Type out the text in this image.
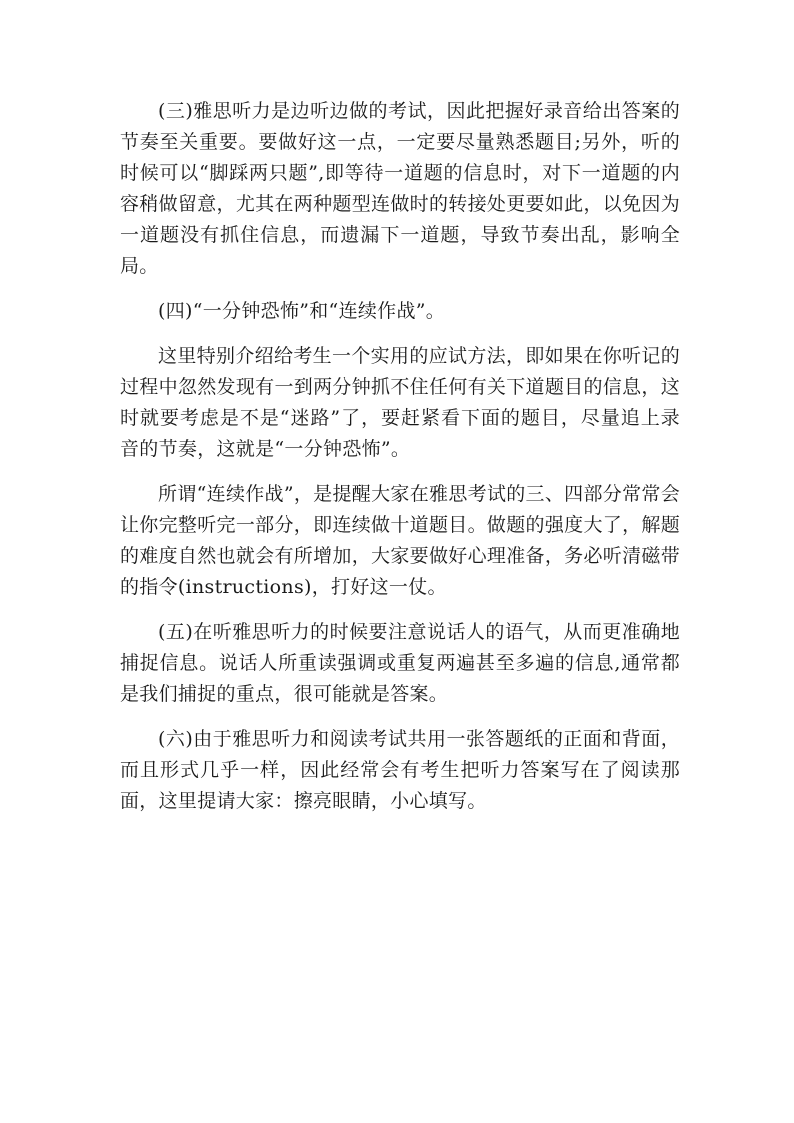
(三)雅思听力是边听边做的考试，因此把握好录音给出答案的节奏至关重要。要做好这一点，一定要尽量熟悉题目;另外，听的时候可以“脚踩两只题”,即等待一道题的信息时，对下一道题的内容稍做留意，尤其在两种题型连做时的转接处更要如此，以免因为一道题没有抓住信息，而遗漏下一道题，导致节奏出乱，影响全局。

(四)“一分钟恐怖”和“连续作战”。

这里特别介绍给考生一个实用的应试方法，即如果在你听记的过程中忽然发现有一到两分钟抓不住任何有关下道题目的信息，这时就要考虑是不是“迷路”了，要赶紧看下面的题目，尽量追上录音的节奏，这就是“一分钟恐怖”。

所谓“连续作战”，是提醒大家在雅思考试的三、四部分常常会让你完整听完一部分，即连续做十道题目。做题的强度大了，解题的难度自然也就会有所增加，大家要做好心理准备，务必听清磁带的指令(instructions)，打好这一仗。

(五)在听雅思听力的时候要注意说话人的语气，从而更准确地捕捉信息。说话人所重读强调或重复两遍甚至多遍的信息,通常都是我们捕捉的重点，很可能就是答案。

(六)由于雅思听力和阅读考试共用一张答题纸的正面和背面，而且形式几乎一样，因此经常会有考生把听力答案写在了阅读那面，这里提请大家：擦亮眼睛，小心填写。
